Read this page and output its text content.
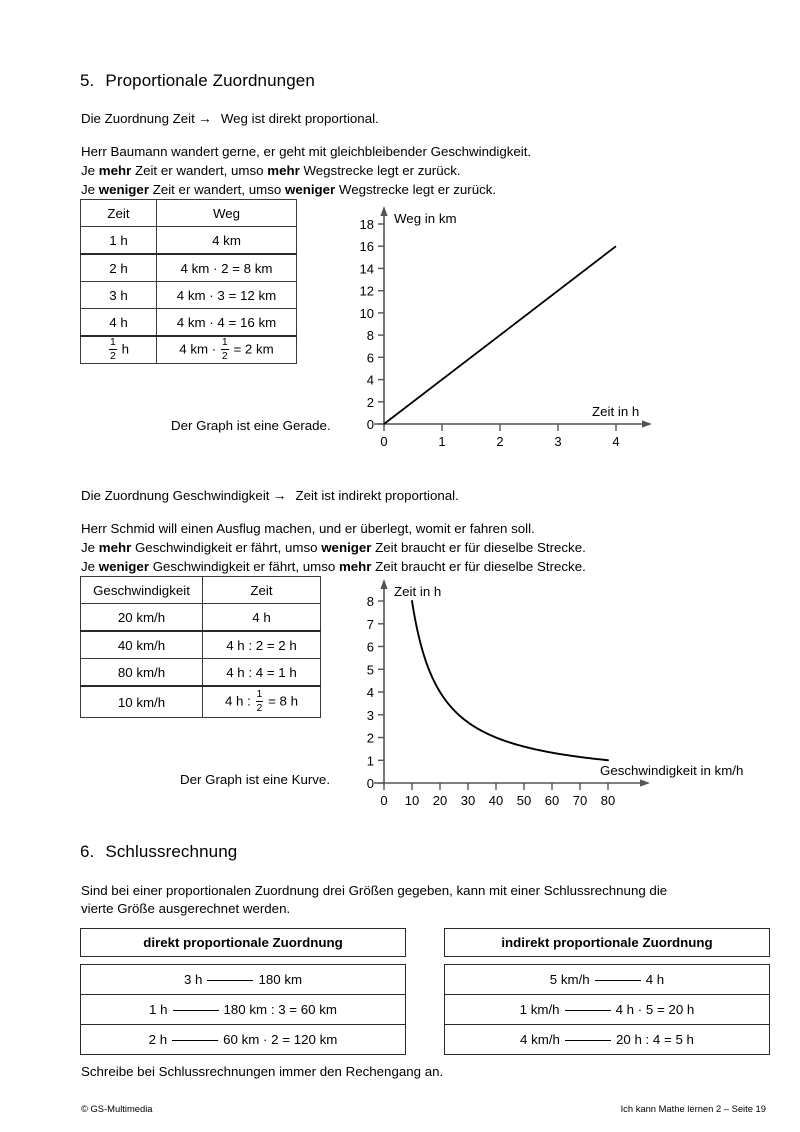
5. Proportionale Zuordnungen
Die Zuordnung Zeit → Weg ist direkt proportional.
Herr Baumann wandert gerne, er geht mit gleichbleibender Geschwindigkeit.
Je mehr Zeit er wandert, umso mehr Wegstrecke legt er zurück.
Je weniger Zeit er wandert, umso weniger Wegstrecke legt er zurück.
Zeit	Weg
1 h	4 km
2 h	4 km · 2 = 8 km
3 h	4 km · 3 = 12 km
4 h	4 km · 4 = 16 km

$\frac{1}{2}$ h	4 km · $\frac{1}{2} = 2$ km
Der Graph ist eine Gerade.	0
2
4
6
8
10
12
14
16
18
0	1	2	3	4
Weg in km
Zeit in h
Die Zuordnung Geschwindigkeit → Zeit ist indirekt proportional.
Herr Schmid will einen Ausflug machen, und er überlegt, womit er fahren soll.
Je mehr Geschwindigkeit er fährt, umso weniger Zeit braucht er für dieselbe Strecke.
Je weniger Geschwindigkeit er fährt, umso mehr Zeit braucht er für dieselbe Strecke.
Geschwindigkeit	Zeit
20 km/h	4 h
40 km/h	4 h : 2 = 2 h
80 km/h	4 h : 4 = 1 h
10 km/h	4 h : $\frac{1}{2} = 8$ h
Der Graph ist eine Kurve.	0
1
2
3
4
5
6
7
8
0 10 20 30 40 50 60 70 80
Zeit in h
Geschwindigkeit in km/h
6. Schlussrechnung
Sind bei einer proportionalen Zuordnung drei Größen gegeben, kann mit einer Schlussrechnung die
vierte Größe ausgerechnet werden.
direkt proportionale Zuordnung	indirekt proportionale Zuordnung
3 h	180 km
1 h	180 km : 3 = 60 km
2 h	60 km · 2 = 120 km
5 km/h	4 h
1 km/h	4 h · 5 = 20 h
4 km/h	20 h : 4 = 5 h
Schreibe bei Schlussrechnungen immer den Rechengang an.
© GS-Multimedia	Ich kann Mathe lernen 2 – Seite 19
